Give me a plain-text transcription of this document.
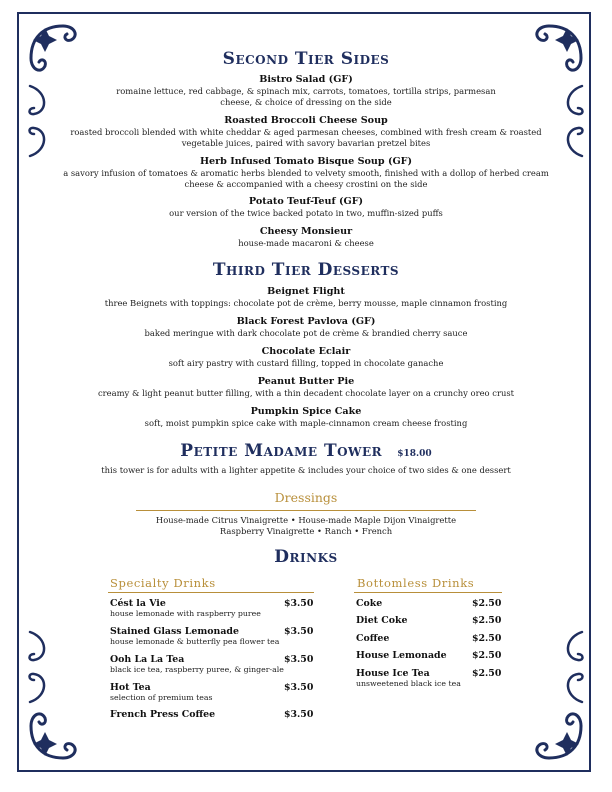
Second Tier Sides
Bistro Salad (GF)
romaine lettuce, red cabbage, & spinach mix, carrots, tomatoes, tortilla strips, parmesan cheese, & choice of dressing on the side
Roasted Broccoli Cheese Soup
roasted broccoli blended with white cheddar & aged parmesan cheeses, combined with fresh cream & roasted vegetable juices, paired with savory bavarian pretzel bites
Herb Infused Tomato Bisque Soup (GF)
a savory infusion of tomatoes & aromatic herbs blended to velvety smooth, finished with a dollop of herbed cream cheese & accompanied with a cheesy crostini on the side
Potato Teuf-Teuf (GF)
our version of the twice backed potato in two, muffin-sized puffs
Cheesy Monsieur
house-made macaroni & cheese
Third Tier Desserts
Beignet Flight
three Beignets with toppings: chocolate pot de crème, berry mousse, maple cinnamon frosting
Black Forest Pavlova (GF)
baked meringue with dark chocolate pot de crème & brandied cherry sauce
Chocolate Eclair
soft airy pastry with custard filling, topped in chocolate ganache
Peanut Butter Pie
creamy & light peanut butter filling, with a thin decadent chocolate layer on a crunchy oreo crust
Pumpkin Spice Cake
soft, moist pumpkin spice cake with maple-cinnamon cream cheese frosting
Petite Madame Tower $18.00
this tower is for adults with a lighter appetite & includes your choice of two sides & one dessert
Dressings
House-made Citrus Vinaigrette • House-made Maple Dijon Vinaigrette
Raspberry Vinaigrette • Ranch • French
Drinks
Specialty Drinks
Cést la Vie	$3.50
house lemonade with raspberry puree
Stained Glass Lemonade	$3.50
house lemonade & butterfly pea flower tea
Ooh La La Tea	$3.50
black ice tea, raspberry puree, & ginger-ale
Hot Tea	$3.50
selection of premium teas
French Press Coffee	$3.50
Bottomless Drinks
Coke	$2.50
Diet Coke	$2.50
Coffee	$2.50
House Lemonade	$2.50
House Ice Tea	$2.50
unsweetened black ice tea
